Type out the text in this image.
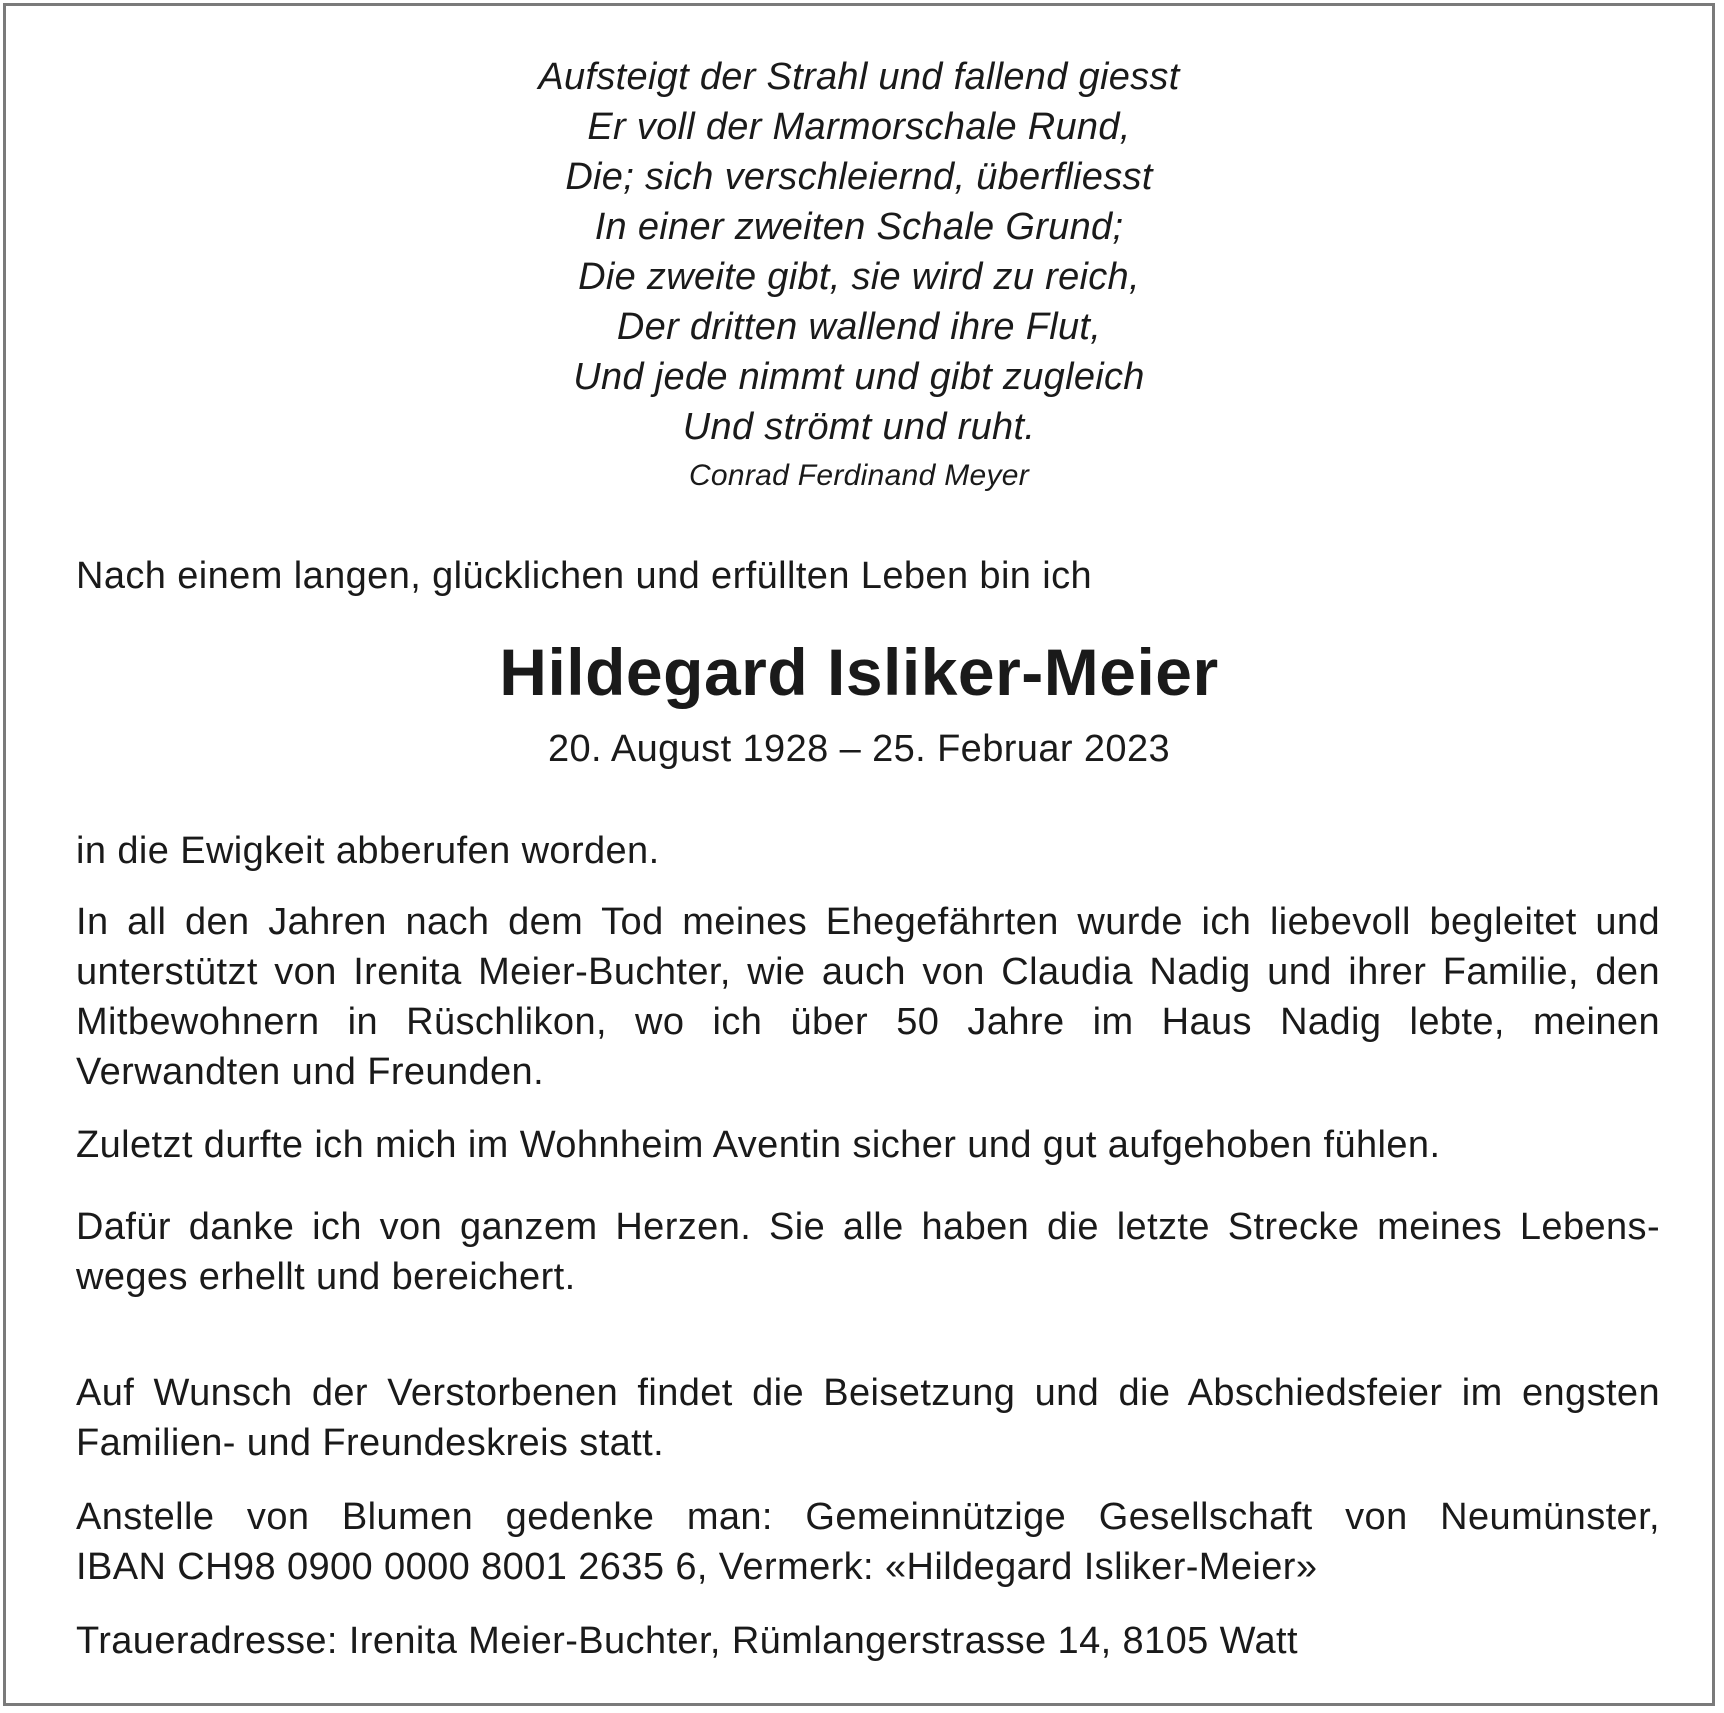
Aufsteigt der Strahl und fallend giesst
Er voll der Marmorschale Rund,
Die; sich verschleiernd, überfliesst
In einer zweiten Schale Grund;
Die zweite gibt, sie wird zu reich,
Der dritten wallend ihre Flut,
Und jede nimmt und gibt zugleich
Und strömt und ruht.
Conrad Ferdinand Meyer
Nach einem langen, glücklichen und erfüllten Leben bin ich
Hildegard Isliker-Meier
20. August 1928 – 25. Februar 2023
in die Ewigkeit abberufen worden.
In all den Jahren nach dem Tod meines Ehegefährten wurde ich liebevoll begleitet und unterstützt von Irenita Meier-Buchter, wie auch von Claudia Nadig und ihrer Familie, den Mitbewohnern in Rüschlikon, wo ich über 50 Jahre im Haus Nadig lebte, meinen Verwandten und Freunden.
Zuletzt durfte ich mich im Wohnheim Aventin sicher und gut aufgehoben fühlen.
Dafür danke ich von ganzem Herzen. Sie alle haben die letzte Strecke meines Lebens-weges erhellt und bereichert.
Auf Wunsch der Verstorbenen findet die Beisetzung und die Abschiedsfeier im engsten Familien- und Freundeskreis statt.
Anstelle von Blumen gedenke man: Gemeinnützige Gesellschaft von Neumünster,
IBAN CH98 0900 0000 8001 2635 6, Vermerk: «Hildegard Isliker-Meier»
Traueradresse: Irenita Meier-Buchter, Rümlangerstrasse 14, 8105 Watt
